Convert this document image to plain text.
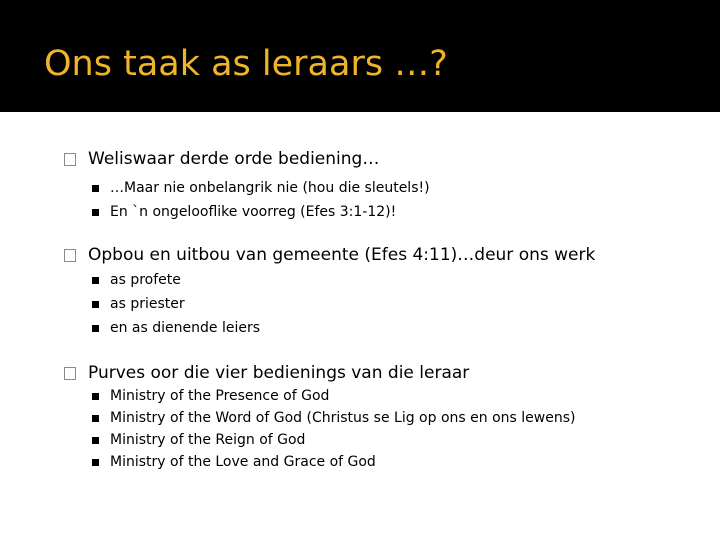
Ons taak as leraars …?
Weliswaar derde orde bediening…
…Maar nie onbelangrik nie (hou die sleutels!)
En `n ongelooflike voorreg (Efes 3:1-12)!
Opbou en uitbou van gemeente (Efes 4:11)…deur ons werk
as profete
as priester
en as dienende leiers
Purves oor die vier bedienings van die leraar
Ministry of the Presence of God
Ministry of the Word of God (Christus se Lig op ons en ons lewens)
Ministry of the Reign of God
Ministry of the Love and Grace of God
